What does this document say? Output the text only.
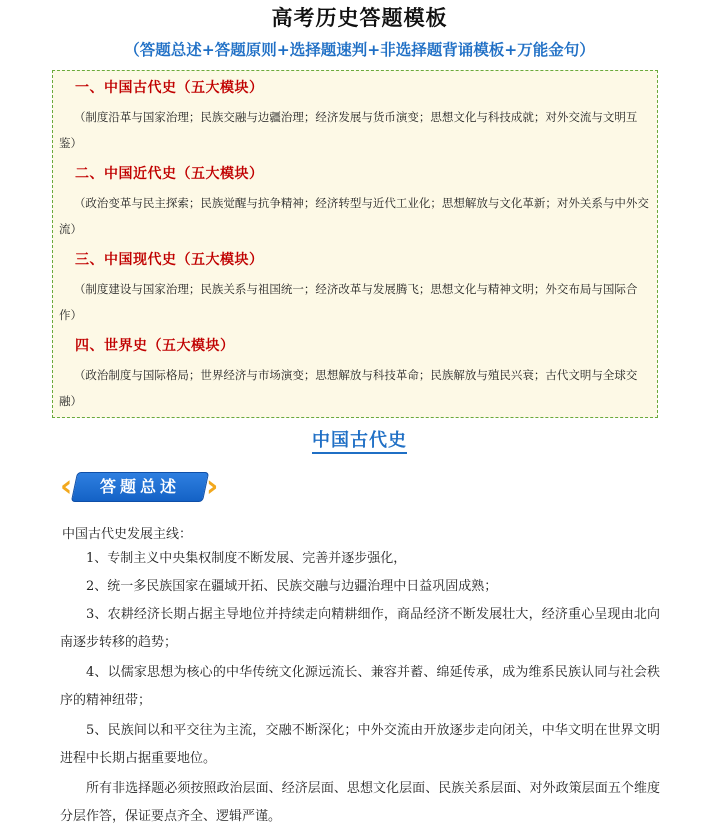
高考历史答题模板
（答题总述+答题原则+选择题速判+非选择题背诵模板+万能金句）
一、中国古代史（五大模块）

（制度沿革与国家治理；民族交融与边疆治理；经济发展与货币演变；思想文化与科技成就；对外交流与文明互鉴）

二、中国近代史（五大模块）

（政治变革与民主探索；民族觉醒与抗争精神；经济转型与近代工业化；思想解放与文化革新；对外关系与中外交流）

三、中国现代史（五大模块）

（制度建设与国家治理；民族关系与祖国统一；经济改革与发展腾飞；思想文化与精神文明；外交布局与国际合作）

四、世界史（五大模块）

（政治制度与国际格局；世界经济与市场演变；思想解放与科技革命；民族解放与殖民兴衰；古代文明与全球交融）

中国古代史
‹	答题总述 ›
中国古代史发展主线：

1、专制主义中央集权制度不断发展、完善并逐步强化，

2、统一多民族国家在疆域开拓、民族交融与边疆治理中日益巩固成熟；

3、农耕经济长期占据主导地位并持续走向精耕细作，商品经济不断发展壮大，经济重心呈现由北向南逐步转移的趋势；

4、以儒家思想为核心的中华传统文化源远流长、兼容并蓄、绵延传承，成为维系民族认同与社会秩序的精神纽带；

5、民族间以和平交往为主流，交融不断深化；中外交流由开放逐步走向闭关，中华文明在世界文明进程中长期占据重要地位。

所有非选择题必须按照政治层面、经济层面、思想文化层面、民族关系层面、对外政策层面五个维度分层作答，保证要点齐全、逻辑严谨。
